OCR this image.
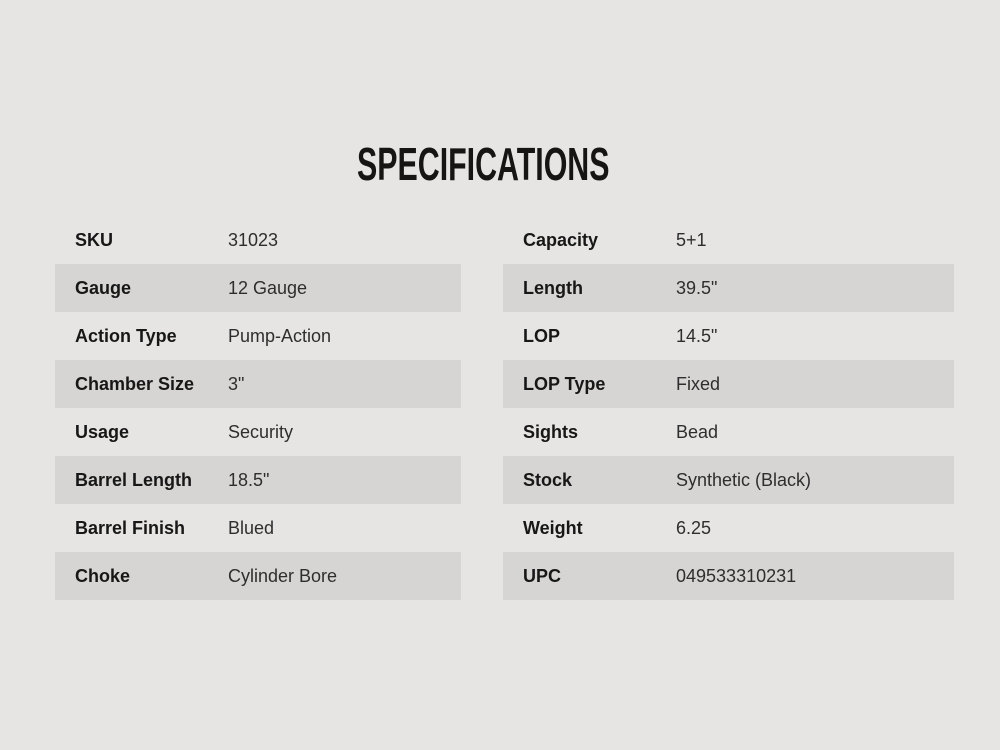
SPECIFICATIONS
SKU	31023
Gauge	12 Gauge
Action Type	Pump-Action
Chamber Size	3"
Usage	Security
Barrel Length	18.5"
Barrel Finish	Blued
Choke	Cylinder Bore
Capacity	5+1
Length	39.5"
LOP	14.5"
LOP Type	Fixed
Sights	Bead
Stock	Synthetic (Black)
Weight	6.25
UPC	049533310231
